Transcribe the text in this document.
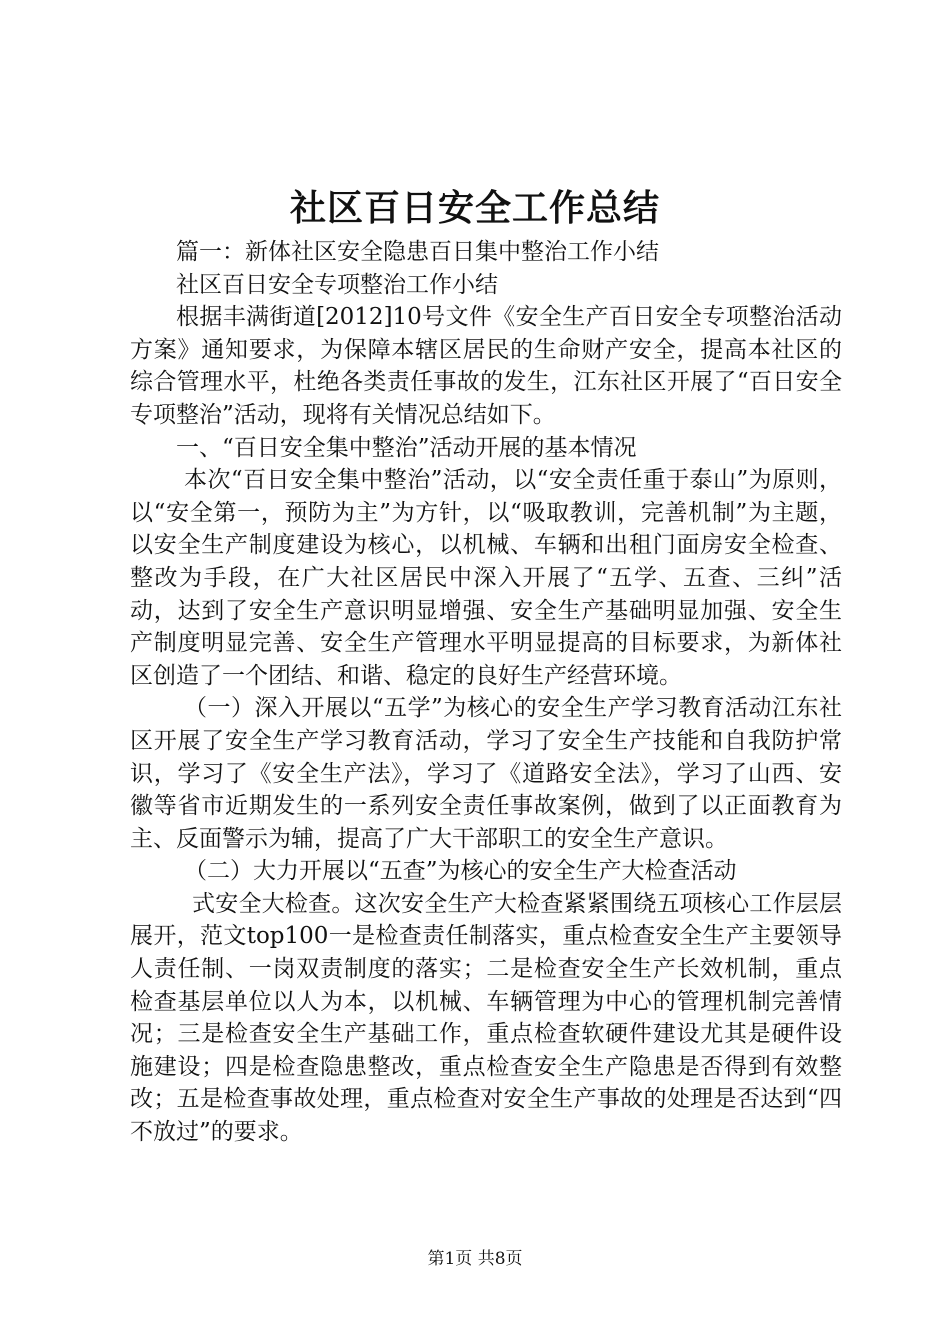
社区百日安全工作总结

篇一：新体社区安全隐患百日集中整治工作小结

社区百日安全专项整治工作小结

根据丰满街道[2012]10号文件《安全生产百日安全专项整治活动方案》通知要求，为保障本辖区居民的生命财产安全，提高本社区的综合管理水平，杜绝各类责任事故的发生，江东社区开展了“百日安全专项整治”活动，现将有关情况总结如下。

一、“百日安全集中整治”活动开展的基本情况

本次“百日安全集中整治”活动，以“安全责任重于泰山”为原则，以“安全第一，预防为主”为方针，以“吸取教训，完善机制”为主题，以安全生产制度建设为核心，以机械、车辆和出租门面房安全检查、整改为手段，在广大社区居民中深入开展了“五学、五查、三纠”活动，达到了安全生产意识明显增强、安全生产基础明显加强、安全生产制度明显完善、安全生产管理水平明显提高的目标要求，为新体社区创造了一个团结、和谐、稳定的良好生产经营环境。

（一）深入开展以“五学”为核心的安全生产学习教育活动江东社区开展了安全生产学习教育活动，学习了安全生产技能和自我防护常识，学习了《安全生产法》，学习了《道路安全法》，学习了山西、安徽等省市近期发生的一系列安全责任事故案例，做到了以正面教育为主、反面警示为辅，提高了广大干部职工的安全生产意识。

（二）大力开展以“五查”为核心的安全生产大检查活动

式安全大检查。这次安全生产大检查紧紧围绕五项核心工作层层展开，范文top100一是检查责任制落实，重点检查安全生产主要领导人责任制、一岗双责制度的落实；二是检查安全生产长效机制，重点检查基层单位以人为本，以机械、车辆管理为中心的管理机制完善情况；三是检查安全生产基础工作，重点检查软硬件建设尤其是硬件设施建设；四是检查隐患整改，重点检查安全生产隐患是否得到有效整改；五是检查事故处理，重点检查对安全生产事故的处理是否达到“四不放过”的要求。

第1页 共8页
